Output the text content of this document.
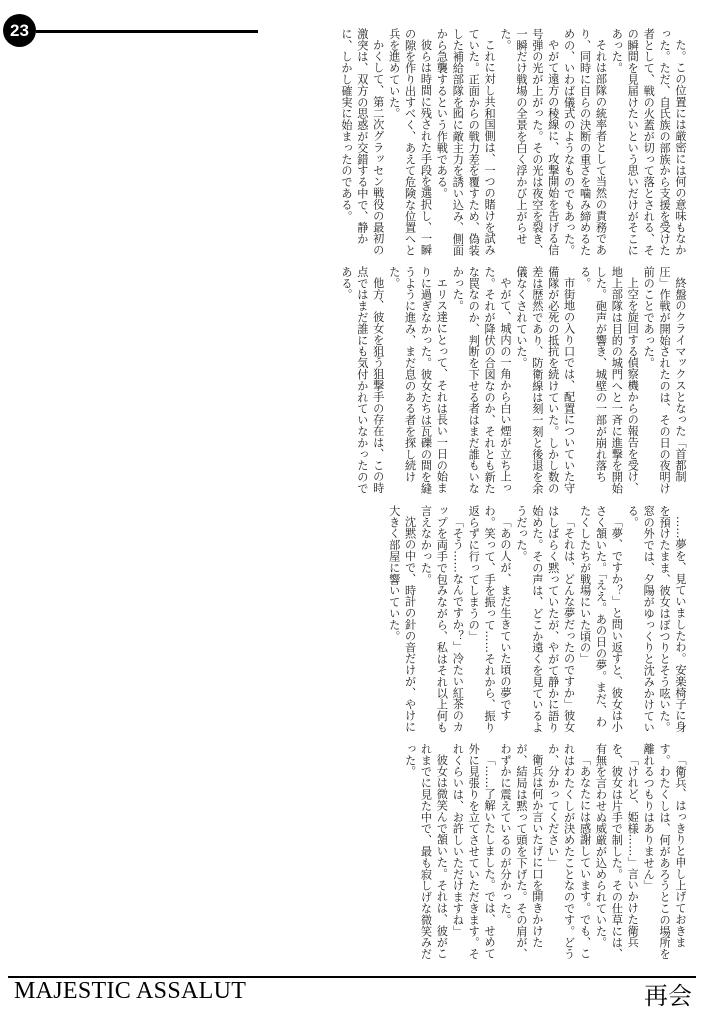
23

た。この位置には厳密には何の意味もなかった。ただ、自氏族の部族から支援を受けた者として、戦の火蓋が切って落とされる、その瞬間を見届けたいという思いだけがそこにあった。

それは部隊の統率者として当然の責務であり、同時に自らの決断の重さを噛み締めるための、いわば儀式のようなものでもあった。

やがて遠方の稜線に、攻撃開始を告げる信号弾の光が上がった。その光は夜空を裂き、一瞬だけ戦場の全景を白く浮かび上がらせた。

これに対し共和国側は、一つの賭けを試みていた。正面からの戦力差を覆すため、偽装した補給部隊を囮に敵主力を誘い込み、側面から急襲するという作戦である。

彼らは時間に残された手段を選択し、一瞬の隙を作り出すべく、あえて危険な位置へと兵を進めていた。

かくして、第二次グラッセン戦役の最初の激突は、双方の思惑が交錯する中で、静かに、しかし確実に始まったのである。

終盤のクライマックスとなった「首都制圧」作戦が開始されたのは、その日の夜明け前のことであった。

上空を旋回する偵察機からの報告を受け、地上部隊は目的の城門へと一斉に進撃を開始した。砲声が響き、城壁の一部が崩れ落ちる。

市街地の入り口では、配置についていた守備隊が必死の抵抗を続けていた。しかし数の差は歴然であり、防衛線は刻一刻と後退を余儀なくされていた。

やがて、城内の一角から白い煙が立ち上った。それが降伏の合図なのか、それとも新たな罠なのか、判断を下せる者はまだ誰もいなかった。

エリス達にとって、それは長い一日の始まりに過ぎなかった。彼女たちは瓦礫の間を縫うように進み、まだ息のある者を探し続けた。

他方、彼女を狙う狙撃手の存在は、この時点ではまだ誰にも気付かれていなかったのである。

……夢を、見ていましたわ。安楽椅子に身を預けたまま、彼女はぽつりとそう呟いた。窓の外では、夕陽がゆっくりと沈みかけている。

「夢、ですか？」と問い返すと、彼女は小さく頷いた。「ええ。あの日の夢。まだ、わたくしたちが戦場にいた頃の」

「それは、どんな夢だったのですか」彼女はしばらく黙っていたが、やがて静かに語り始めた。その声は、どこか遠くを見ているようだった。

「あの人が、まだ生きていた頃の夢ですわ。笑って、手を振って……それから、振り返らずに行ってしまうの」

「そう……なんですか？」冷たい紅茶のカップを両手で包みながら、私はそれ以上何も言えなかった。

沈黙の中で、時計の針の音だけが、やけに大きく部屋に響いていた。

「衛兵、はっきりと申し上げておきます。わたくしは、何があろうとこの場所を離れるつもりはありません」

「けれど、姫様……」言いかけた衛兵を、彼女は片手で制した。その仕草には、有無を言わせぬ威厳が込められていた。

「あなたには感謝しています。でも、これはわたくしが決めたことなのです。どうか、分かってください」

衛兵は何か言いたげに口を開きかけたが、結局は黙って頭を下げた。その肩が、わずかに震えているのが分かった。

「……了解いたしました。では、せめて外に見張りを立てさせていただきます。それくらいは、お許しいただけますね」

彼女は微笑んで頷いた。それは、彼がこれまでに見た中で、最も寂しげな微笑みだった。

MAJESTIC ASSALUT	再会
